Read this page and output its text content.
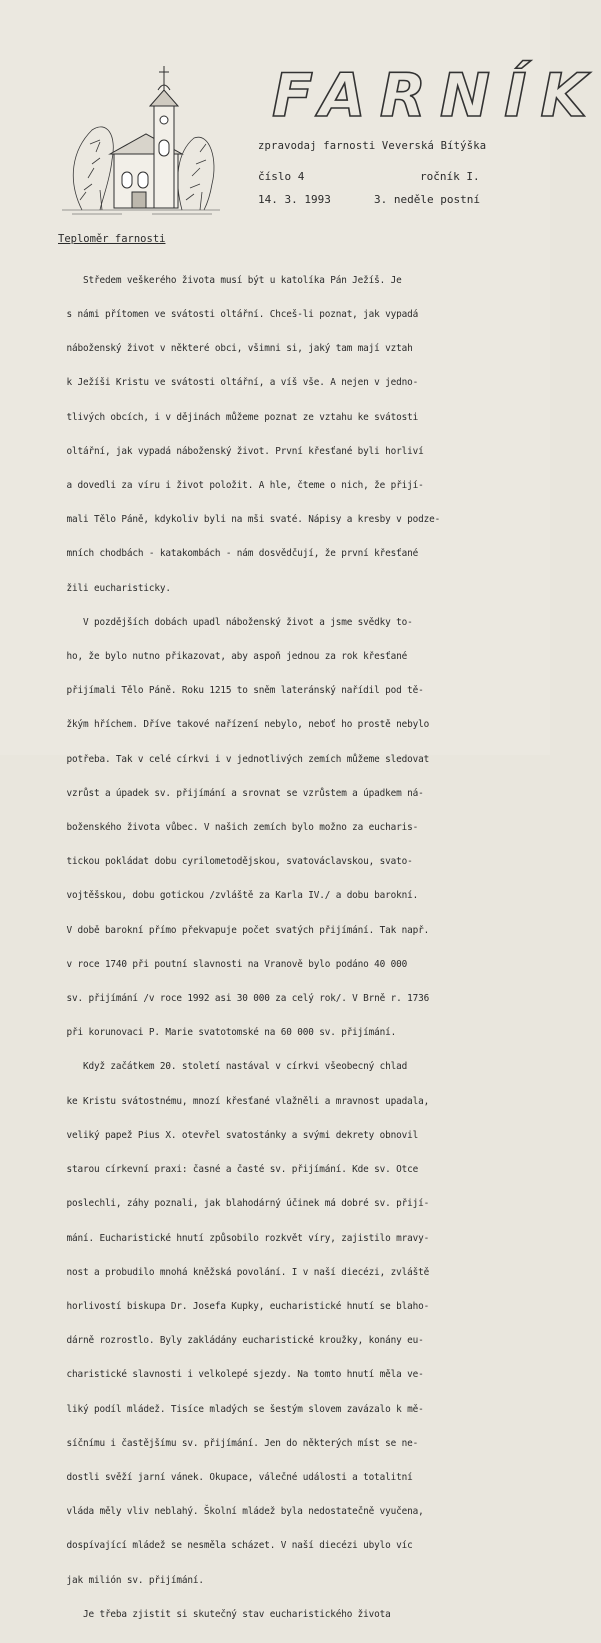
FARNÍK
zpravodaj farnosti Veverská Bítýška
číslo 4	ročník I.
14. 3. 1993	3. neděle postní
Teploměr farnosti

Středem veškerého života musí být u katolíka Pán Ježíš. Je

s námi přítomen ve svátosti oltářní. Chceš-li poznat, jak vypadá

náboženský život v některé obci, všimni si, jaký tam mají vztah

k Ježíši Kristu ve svátosti oltářní, a víš vše. A nejen v jedno-

tlivých obcích, i v dějinách můžeme poznat ze vztahu ke svátosti

oltářní, jak vypadá náboženský život. První křesťané byli horliví

a dovedli za víru i život položit. A hle, čteme o nich, že přijí-

mali Tělo Páně, kdykoliv byli na mši svaté. Nápisy a kresby v podze-

mních chodbách - katakombách - nám dosvědčují, že první křesťané

žili eucharisticky.

V pozdějších dobách upadl náboženský život a jsme svědky to-

ho, že bylo nutno přikazovat, aby aspoň jednou za rok křesťané

přijímali Tělo Páně. Roku 1215 to sněm lateránský nařídil pod tě-

žkým hříchem. Dříve takové nařízení nebylo, neboť ho prostě nebylo

potřeba. Tak v celé církvi i v jednotlivých zemích můžeme sledovat

vzrůst a úpadek sv. přijímání a srovnat se vzrůstem a úpadkem ná-

boženského života vůbec. V našich zemích bylo možno za eucharis-

tickou pokládat dobu cyrilometodějskou, svatováclavskou, svato-

vojtěšskou, dobu gotickou /zvláště za Karla IV./ a dobu barokní.

V době barokní přímo překvapuje počet svatých přijímání. Tak např.

v roce 1740 při poutní slavnosti na Vranově bylo podáno 40 000

sv. přijímání /v roce 1992 asi 30 000 za celý rok/. V Brně r. 1736

při korunovaci P. Marie svatotomské na 60 000 sv. přijímání.

Když začátkem 20. století nastával v církvi všeobecný chlad

ke Kristu svátostnému, mnozí křesťané vlažněli a mravnost upadala,

veliký papež Pius X. otevřel svatostánky a svými dekrety obnovil

starou církevní praxi: časné a časté sv. přijímání. Kde sv. Otce

poslechli, záhy poznali, jak blahodárný účinek má dobré sv. přijí-

mání. Eucharistické hnutí způsobilo rozkvět víry, zajistilo mravy-

nost a probudilo mnohá kněžská povolání. I v naší diecézi, zvláště

horlivostí biskupa Dr. Josefa Kupky, eucharistické hnutí se blaho-

dárně rozrostlo. Byly zakládány eucharistické kroužky, konány eu-

charistické slavnosti i velkolepé sjezdy. Na tomto hnutí měla ve-

liký podíl mládež. Tisíce mladých se šestým slovem zavázalo k mě-

síčnímu i častějšímu sv. přijímání. Jen do některých míst se ne-

dostli svěží jarní vánek. Okupace, válečné události a totalitní

vláda měly vliv neblahý. Školní mládež byla nedostatečně vyučena,

dospívající mládež se nesměla scházet. V naší diecézi ubylo víc

jak milión sv. přijímání.

Je třeba zjistit si skutečný stav eucharistického života
